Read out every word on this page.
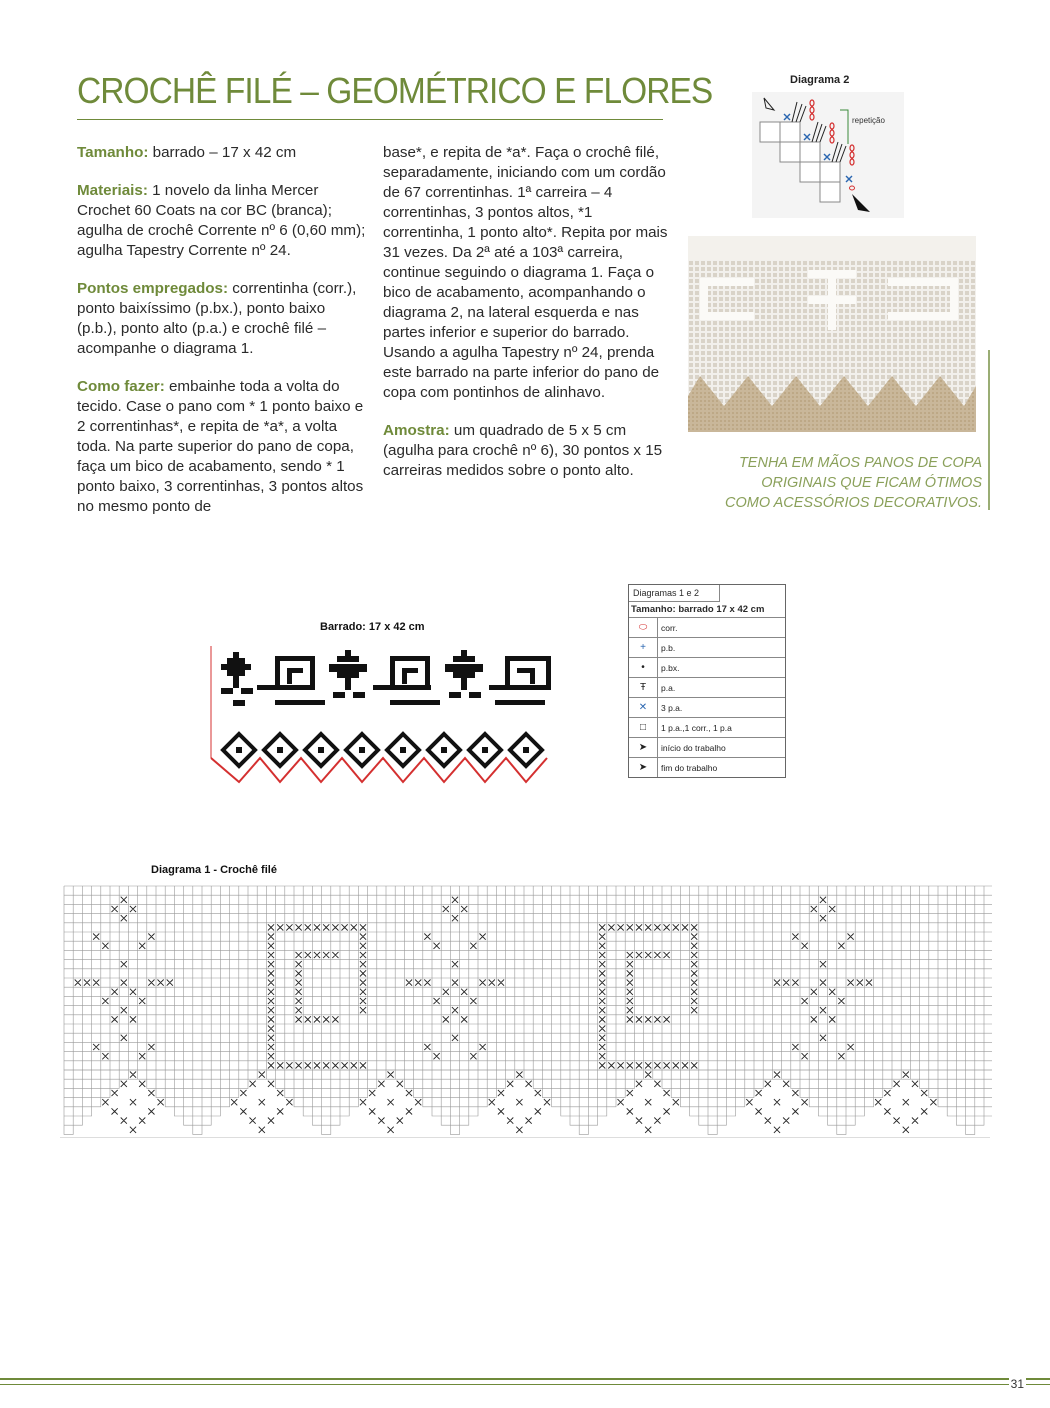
CROCHÊ FILÉ – GEOMÉTRICO E FLORES

Tamanho: barrado – 17 x 42 cm

Materiais: 1 novelo da linha Mercer Crochet 60 Coats na cor BC (branca); agulha de crochê Corrente nº 6 (0,60 mm); agulha Tapestry Corrente nº 24.

Pontos empregados: correntinha (corr.), ponto baixíssimo (p.bx.), ponto baixo (p.b.), ponto alto (p.a.) e crochê filé – acompanhe o diagrama 1.

Como fazer: embainhe toda a volta do tecido. Case o pano com * 1 ponto baixo e 2 correntinhas*, e repita de *a*, a volta toda. Na parte superior do pano de copa, faça um bico de acabamento, sendo * 1 ponto baixo, 3 correntinhas, 3 pontos altos no mesmo ponto de

base*, e repita de *a*. Faça o crochê filé, separadamente, iniciando com um cordão de 67 correntinhas. 1ª carreira – 4 correntinhas, 3 pontos altos, *1 correntinha, 1 ponto alto*. Repita por mais 31 vezes. Da 2ª até a 103ª carreira, continue seguindo o diagrama 1. Faça o bico de acabamento, acompanhando o diagrama 2, na lateral esquerda e nas partes inferior e superior do barrado. Usando a agulha Tapestry nº 24, prenda este barrado na parte inferior do pano de copa com pontinhos de alinhavo.

Amostra: um quadrado de 5 x 5 cm (agulha para crochê nº 6), 30 pontos x 15 carreiras medidos sobre o ponto alto.

Diagrama 2
repetição
TENHA EM MÃOS PANOS DE COPA ORIGINAIS QUE FICAM ÓTIMOS COMO ACESSÓRIOS DECORATIVOS.
Barrado: 17 x 42 cm
Diagramas 1 e 2
Tamanho: barrado 17 x 42 cm
⬭	corr.
+	p.b.
•	p.bx.
Ŧ	p.a.
✕	3 p.a.
□	1 p.a.,1 corr., 1 p.a
➤	início do trabalho
➤	fim do trabalho
Diagrama 1 - Crochê filé
31
